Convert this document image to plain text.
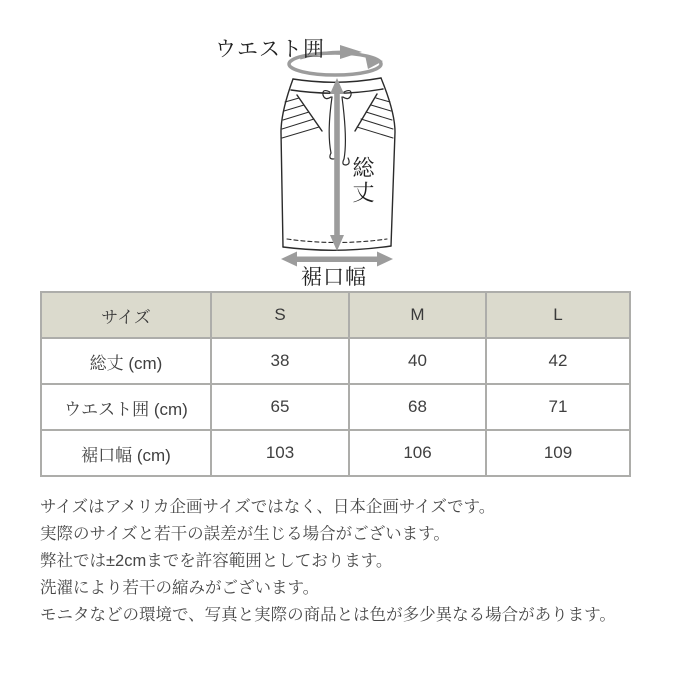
ウエスト囲
総丈
裾口幅
サイズ	S	M	L
総丈 (cm)	38	40	42
ウエスト囲 (cm)	65	68	71
裾口幅 (cm)	103	106	109
サイズはアメリカ企画サイズではなく、日本企画サイズです。
実際のサイズと若干の誤差が生じる場合がございます。
弊社では±2cmまでを許容範囲としております。
洗濯により若干の縮みがございます。
モニタなどの環境で、写真と実際の商品とは色が多少異なる場合があります。
